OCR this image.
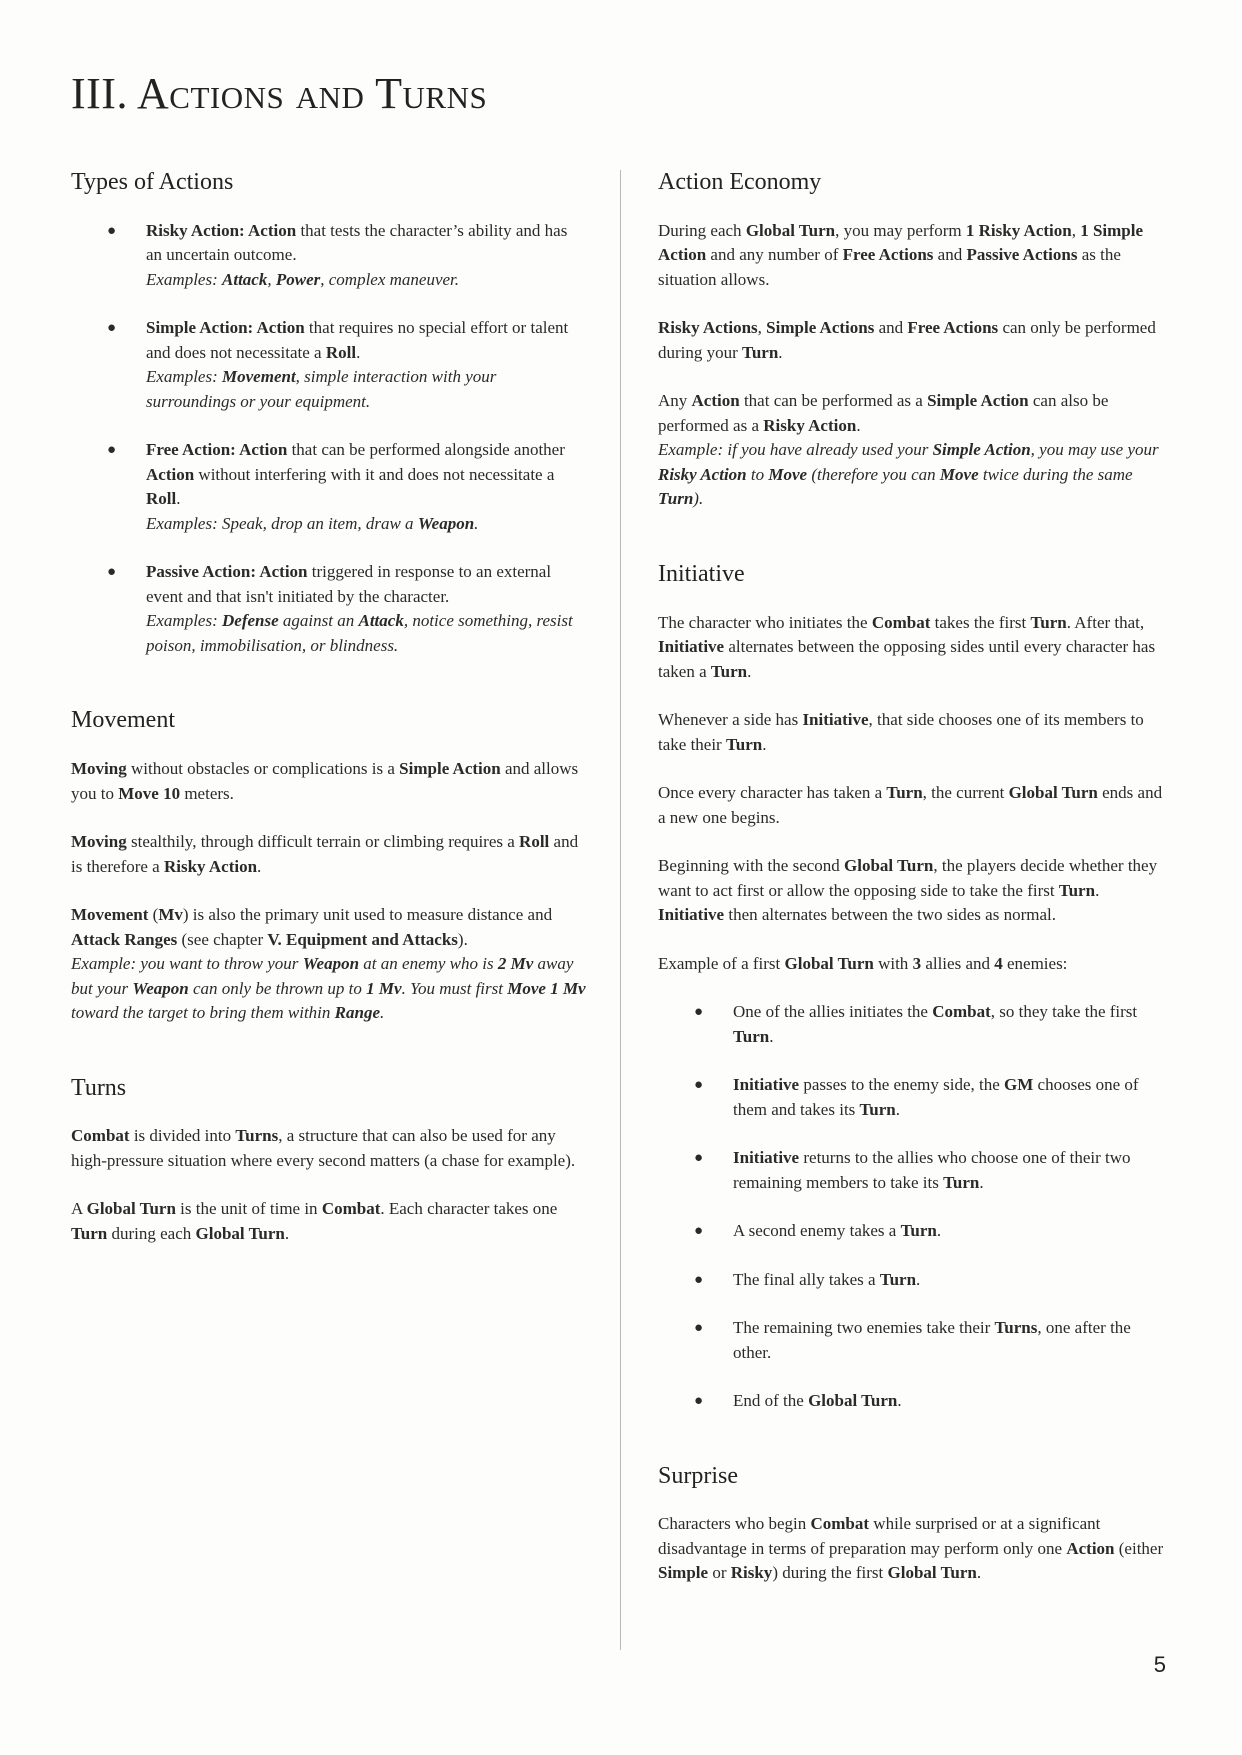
III. Actions and Turns
Types of Actions
● Risky Action: Action that tests the character’s ability and has an uncertain outcome.
Examples: Attack, Power, complex maneuver.
● Simple Action: Action that requires no special effort or talent and does not necessitate a Roll.
Examples: Movement, simple interaction with your surroundings or your equipment.
● Free Action: Action that can be performed alongside another Action without interfering with it and does not necessitate a Roll.
Examples: Speak, drop an item, draw a Weapon.
● Passive Action: Action triggered in response to an external event and that isn't initiated by the character.
Examples: Defense against an Attack, notice something, resist poison, immobilisation, or blindness.
Movement

Moving without obstacles or complications is a Simple Action and allows you to Move 10 meters.

Moving stealthily, through difficult terrain or climbing requires a Roll and is therefore a Risky Action.

Movement (Mv) is also the primary unit used to measure distance and Attack Ranges (see chapter V. Equipment and Attacks).
Example: you want to throw your Weapon at an enemy who is 2 Mv away but your Weapon can only be thrown up to 1 Mv. You must first Move 1 Mv toward the target to bring them within Range.

Turns

Combat is divided into Turns, a structure that can also be used for any high-pressure situation where every second matters (a chase for example).

A Global Turn is the unit of time in Combat. Each character takes one Turn during each Global Turn.

Action Economy

During each Global Turn, you may perform 1 Risky Action, 1 Simple Action and any number of Free Actions and Passive Actions as the situation allows.

Risky Actions, Simple Actions and Free Actions can only be performed during your Turn.

Any Action that can be performed as a Simple Action can also be performed as a Risky Action.
Example: if you have already used your Simple Action, you may use your Risky Action to Move (therefore you can Move twice during the same Turn).

Initiative

The character who initiates the Combat takes the first Turn. After that, Initiative alternates between the opposing sides until every character has taken a Turn.

Whenever a side has Initiative, that side chooses one of its members to take their Turn.

Once every character has taken a Turn, the current Global Turn ends and a new one begins.

Beginning with the second Global Turn, the players decide whether they want to act first or allow the opposing side to take the first Turn.
Initiative then alternates between the two sides as normal.

Example of a first Global Turn with 3 allies and 4 enemies:

● One of the allies initiates the Combat, so they take the first Turn.
● Initiative passes to the enemy side, the GM chooses one of them and takes its Turn.
● Initiative returns to the allies who choose one of their two remaining members to take its Turn.
● A second enemy takes a Turn.
● The final ally takes a Turn.
● The remaining two enemies take their Turns, one after the other.
● End of the Global Turn.
Surprise

Characters who begin Combat while surprised or at a significant disadvantage in terms of preparation may perform only one Action (either Simple or Risky) during the first Global Turn.

5
